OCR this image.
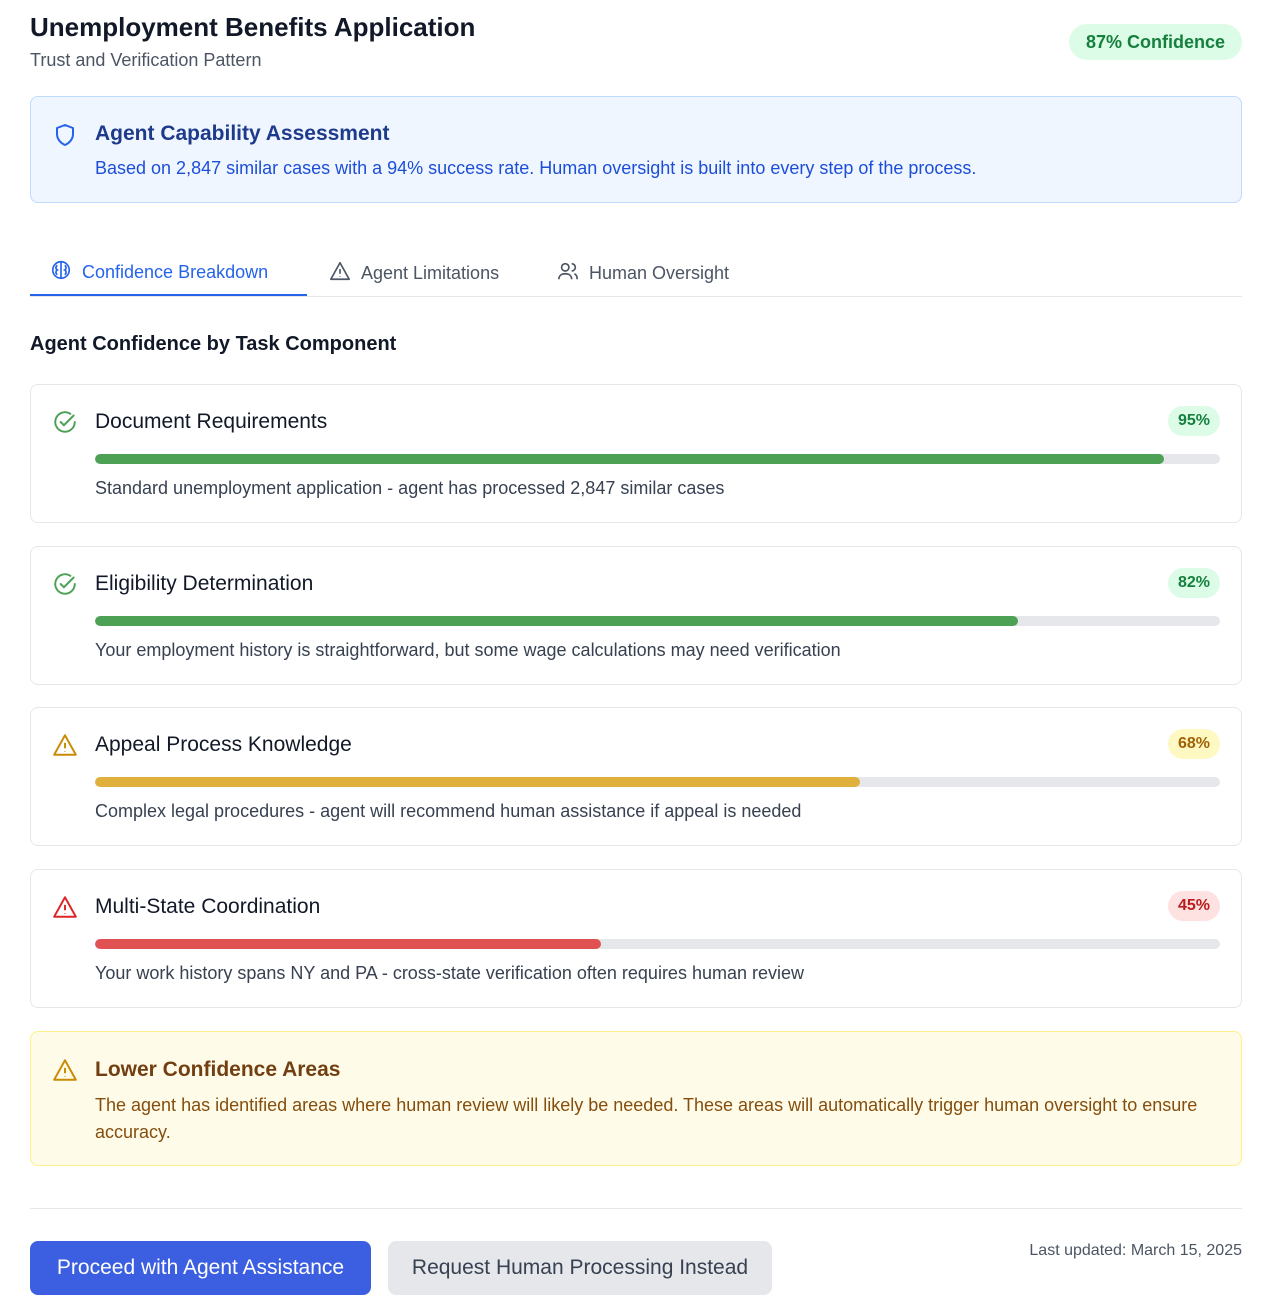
Unemployment Benefits Application
Trust and Verification Pattern
87% Confidence
Agent Capability Assessment

Based on 2,847 similar cases with a 94% success rate. Human oversight is built into every step of the process.

Confidence Breakdown	Agent Limitations	Human Oversight
Agent Confidence by Task Component
Document Requirements	95%
Standard unemployment application - agent has processed 2,847 similar cases
Eligibility Determination	82%
Your employment history is straightforward, but some wage calculations may need verification
Appeal Process Knowledge	68%
Complex legal procedures - agent will recommend human assistance if appeal is needed
Multi-State Coordination	45%
Your work history spans NY and PA - cross-state verification often requires human review
Lower Confidence Areas

The agent has identified areas where human review will likely be needed. These areas will automatically trigger human oversight to ensure accuracy.

Proceed with Agent Assistance	Request Human Processing Instead
Last updated: March 15, 2025
